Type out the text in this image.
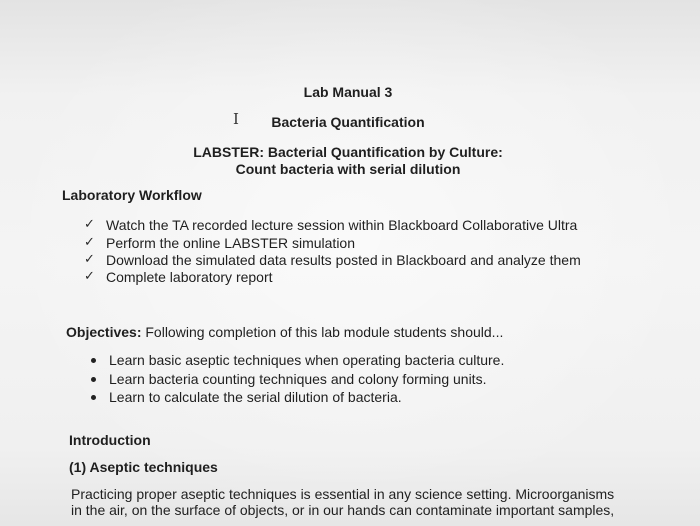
Lab Manual 3
I	Bacteria Quantification
LABSTER: Bacterial Quantification by Culture:
Count bacteria with serial dilution
Laboratory Workflow
✓ Watch the TA recorded lecture session within Blackboard Collaborative Ultra
✓ Perform the online LABSTER simulation
✓ Download the simulated data results posted in Blackboard and analyze them
✓ Complete laboratory report
Objectives: Following completion of this lab module students should...
Learn basic aseptic techniques when operating bacteria culture.
Learn bacteria counting techniques and colony forming units.
Learn to calculate the serial dilution of bacteria.
Introduction
(1) Aseptic techniques
Practicing proper aseptic techniques is essential in any science setting. Microorganisms
in the air, on the surface of objects, or in our hands can contaminate important samples,
